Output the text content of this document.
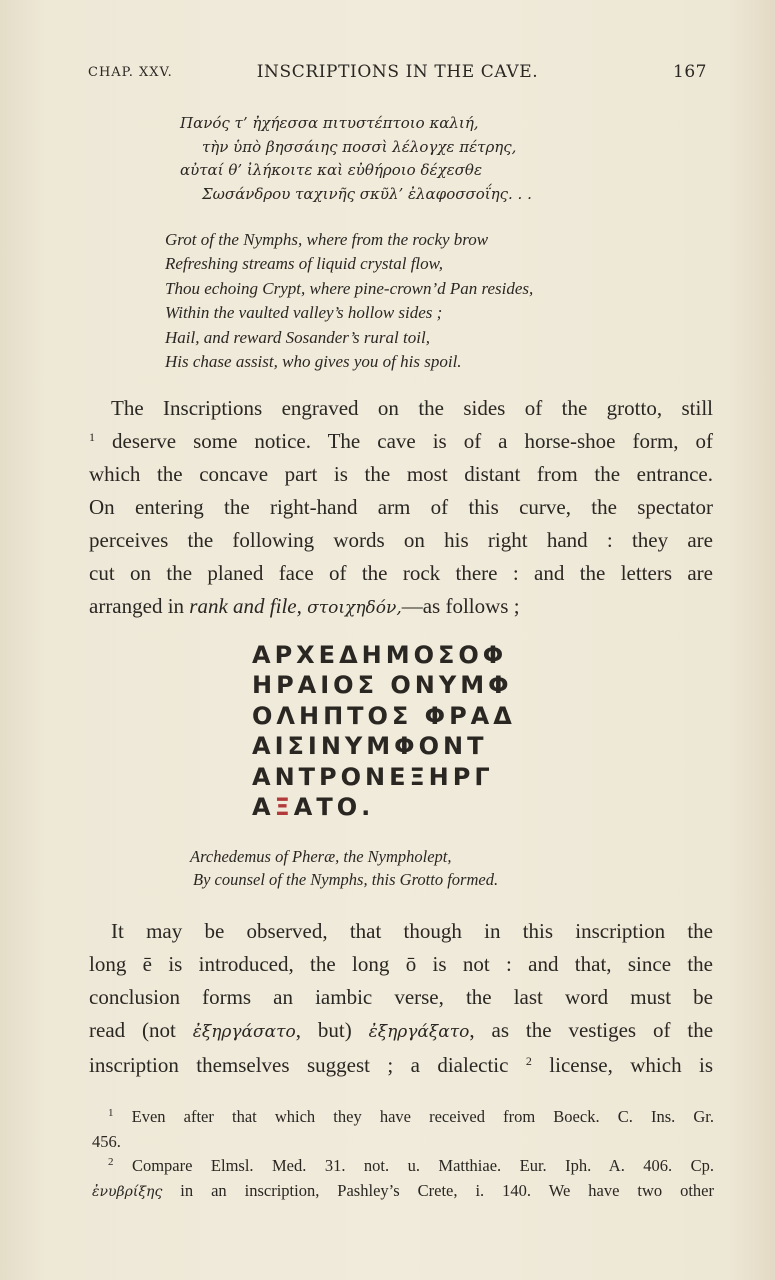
CHAP. XXV.	INSCRIPTIONS IN THE CAVE.	167
Πανός τ’ ἠχήεσσα πιτυστέπτοιο καλιή,
τὴν ὑπὸ βησσάιης ποσσὶ λέλογχε πέτρης,
αὐταί θ’ ἰλήκοιτε καὶ εὐθήροιο δέχεσθε
Σωσάνδρου ταχινῆς σκῦλ’ ἐλαφοσσοΐης. . .
Grot of the Nymphs, where from the rocky brow
Refreshing streams of liquid crystal flow,
Thou echoing Crypt, where pine-crown’d Pan resides,
Within the vaulted valley’s hollow sides ;
Hail, and reward Sosander’s rural toil,
His chase assist, who gives you of his spoil.
The Inscriptions engraved on the sides of the grotto, still
$^1$ deserve some notice. The cave is of a horse-shoe form, of
which the concave part is the most distant from the entrance.
On entering the right-hand arm of this curve, the spectator
perceives the following words on his right hand : they are
cut on the planed face of the rock there : and the letters are
arranged in rank and file, στοιχηδόν,—as follows ;
ΑΡΧΕΔΗΜΟΣΟΦ
ΗΡΑΙΟΣ ΟΝΥΜΦ
ΟΛΗΠΤΟΣ ΦΡΑΔ
ΑΙΣΙΝΥΜΦΟΝΤ
ΑΝΤΡΟΝΕΞΗΡΓ
ΑΞΑΤΟ.
Archedemus of Pheræ, the Nympholept,
By counsel of the Nymphs, this Grotto formed.
It may be observed, that though in this inscription the
long ē is introduced, the long ō is not : and that, since the
conclusion forms an iambic verse, the last word must be
read (not ἐξηργάσατο, but) ἐξηργάξατο, as the vestiges of the
inscription themselves suggest ; a dialectic $^2$ license, which is
$^1$ Even after that which they have received from Boeck. C. Ins. Gr.
456.
$^2$ Compare Elmsl. Med. 31. not. u. Matthiae. Eur. Iph. A. 406. Cp.
ἐνυβρίξης in an inscription, Pashley’s Crete, i. 140. We have two other
